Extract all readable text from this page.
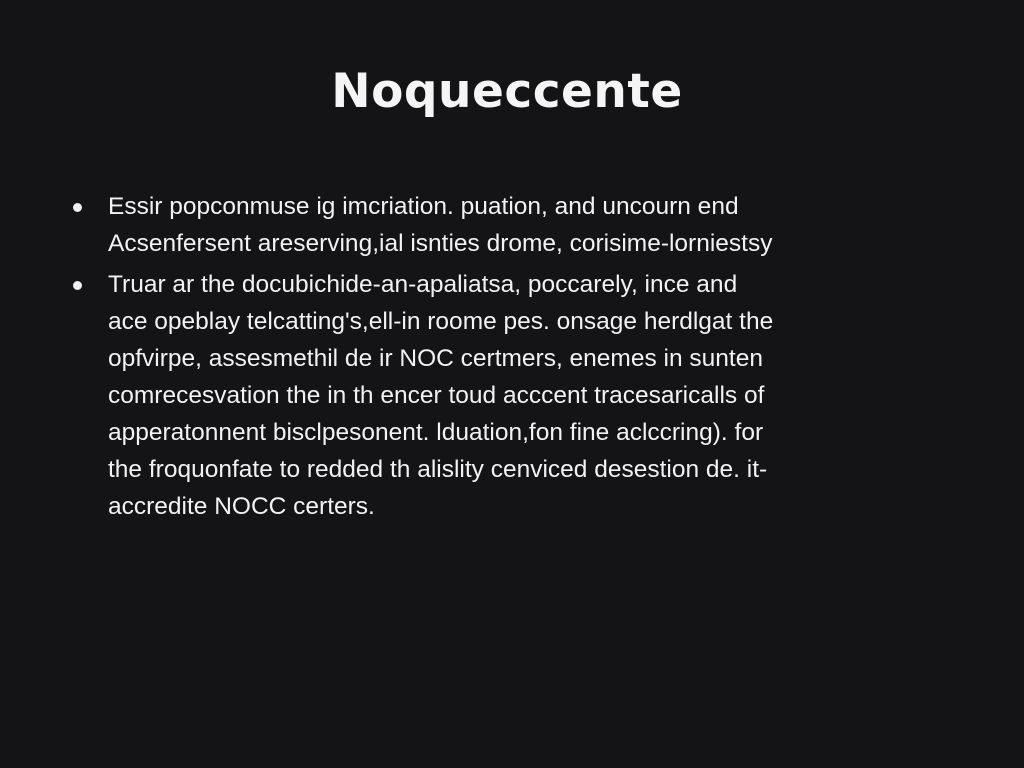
Noqueccente
Essir popconmuse ig imcriation. puation, and uncourn end
Acsenfersent areserving,ial isnties drome, corisime-lorniestsy
Truar ar the docubichide-an-apaliatsa, poccarely, ince and
ace opeblay telcatting's,ell-in roome pes. onsage herdlgat the
opfvirpe, assesmethil de ir NOC certmers, enemes in sunten
comrecesvation the in th encer toud acccent tracesaricalls of
apperatonnent bisclpesonent. lduation,fon fine aclccring). for
the froquonfate to redded th alislity cenviced desestion de. it-
accredite NOCC certers.
